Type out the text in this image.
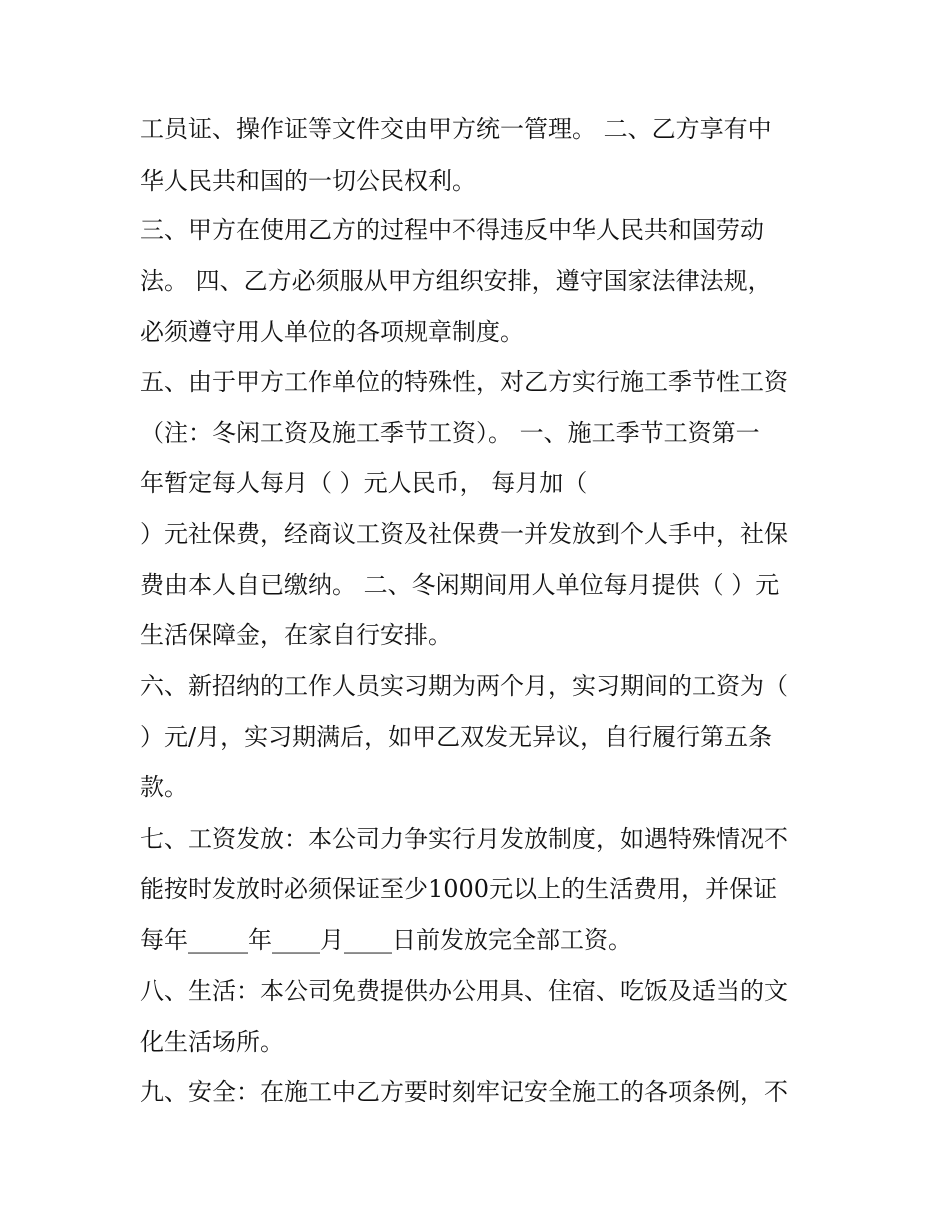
工员证、操作证等文件交由甲方统一管理。 二、乙方享有中
华人民共和国的一切公民权利。
三、甲方在使用乙方的过程中不得违反中华人民共和国劳动
法。 四、乙方必须服从甲方组织安排，遵守国家法律法规，
必须遵守用人单位的各项规章制度。
五、由于甲方工作单位的特殊性，对乙方实行施工季节性工资
（注：冬闲工资及施工季节工资）。 一、施工季节工资第一
年暂定每人每月（ ）元人民币， 每月加（
）元社保费，经商议工资及社保费一并发放到个人手中，社保
费由本人自已缴纳。 二、冬闲期间用人单位每月提供（ ）元
生活保障金，在家自行安排。
六、新招纳的工作人员实习期为两个月，实习期间的工资为（
）元/月，实习期满后，如甲乙双发无异议，自行履行第五条
款。
七、工资发放：本公司力争实行月发放制度，如遇特殊情况不
能按时发放时必须保证至少1000元以上的生活费用，并保证
每年_____年____月____日前发放完全部工资。
八、生活：本公司免费提供办公用具、住宿、吃饭及适当的文
化生活场所。
九、安全：在施工中乙方要时刻牢记安全施工的各项条例，不
